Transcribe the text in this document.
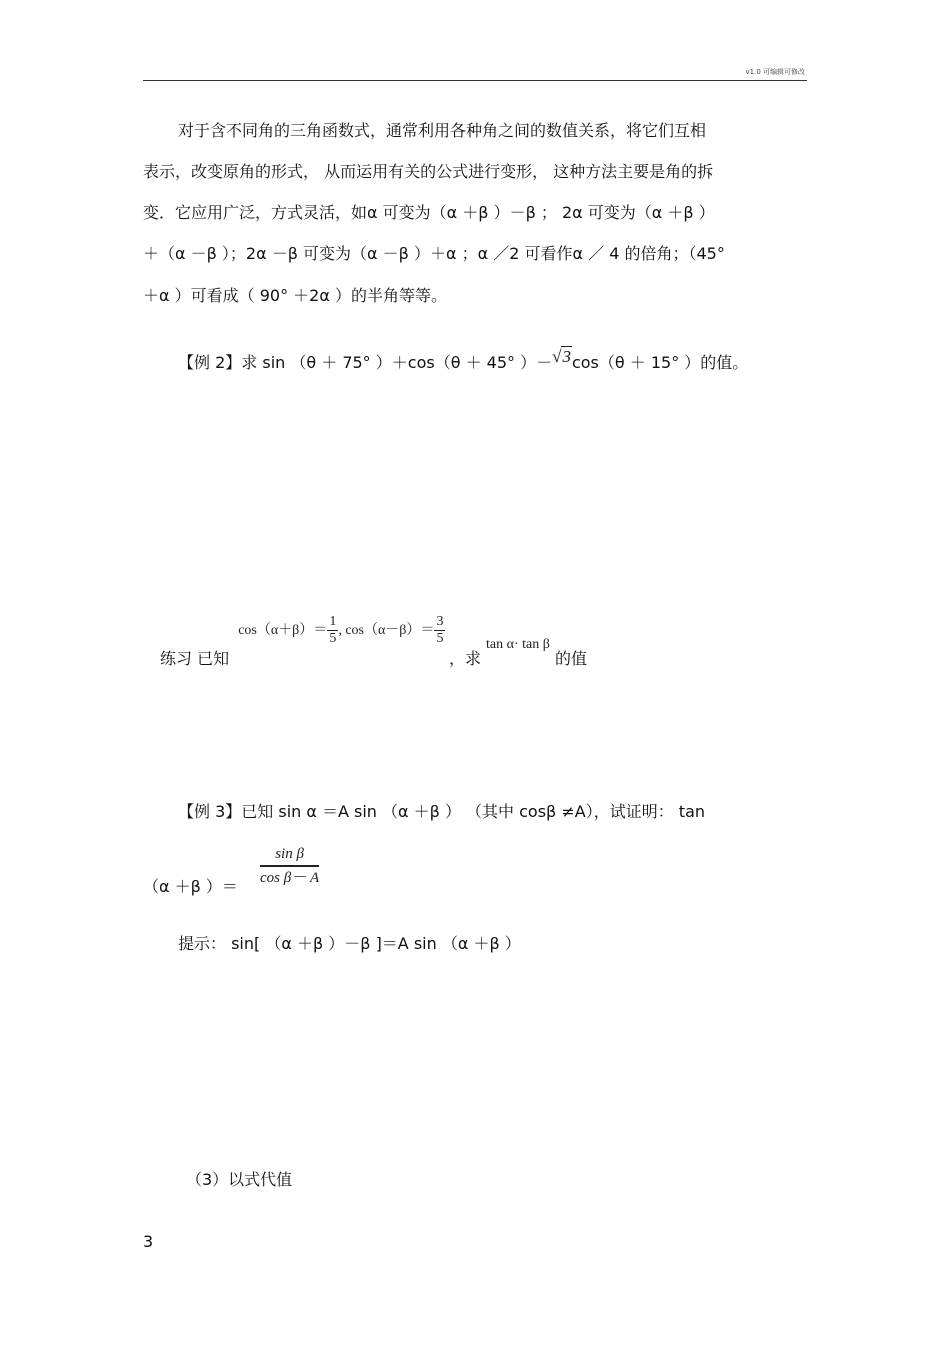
v1.0 可编辑可修改
对于含不同角的三角函数式，通常利用各种角之间的数值关系，将它们互相
表示，改变原角的形式， 从而运用有关的公式进行变形， 这种方法主要是角的拆
变．它应用广泛，方式灵活，如α 可变为（α ＋β ）－β ； 2α 可变为（α ＋β ）
＋（α －β ）；2α －β 可变为（α －β ）＋α ；α ／2 可看作α ／ 4 的倍角；（45°
＋α ）可看成（ 90° ＋2α ）的半角等等。
【例 2】求 sin （θ ＋ 75° ）＋cos（θ ＋ 45° ）－√3cos（θ ＋ 15° ）的值。
练习 已知 $\cos(\alpha+\beta)= \frac{1}{5}$ , $\cos(\alpha-\beta)= \frac{3}{5}$
，求 tan α· tan β 的值
【例 3】已知 sin α ＝A sin （α ＋β ） （其中 cosβ ≠A），试证明： tan
（α ＋β ）＝ $\frac{\text{sin β}}{\text{cos β－ A}}$
提示： sin[ （α ＋β ）－β ]＝A sin （α ＋β ）
（3）以式代值
3
